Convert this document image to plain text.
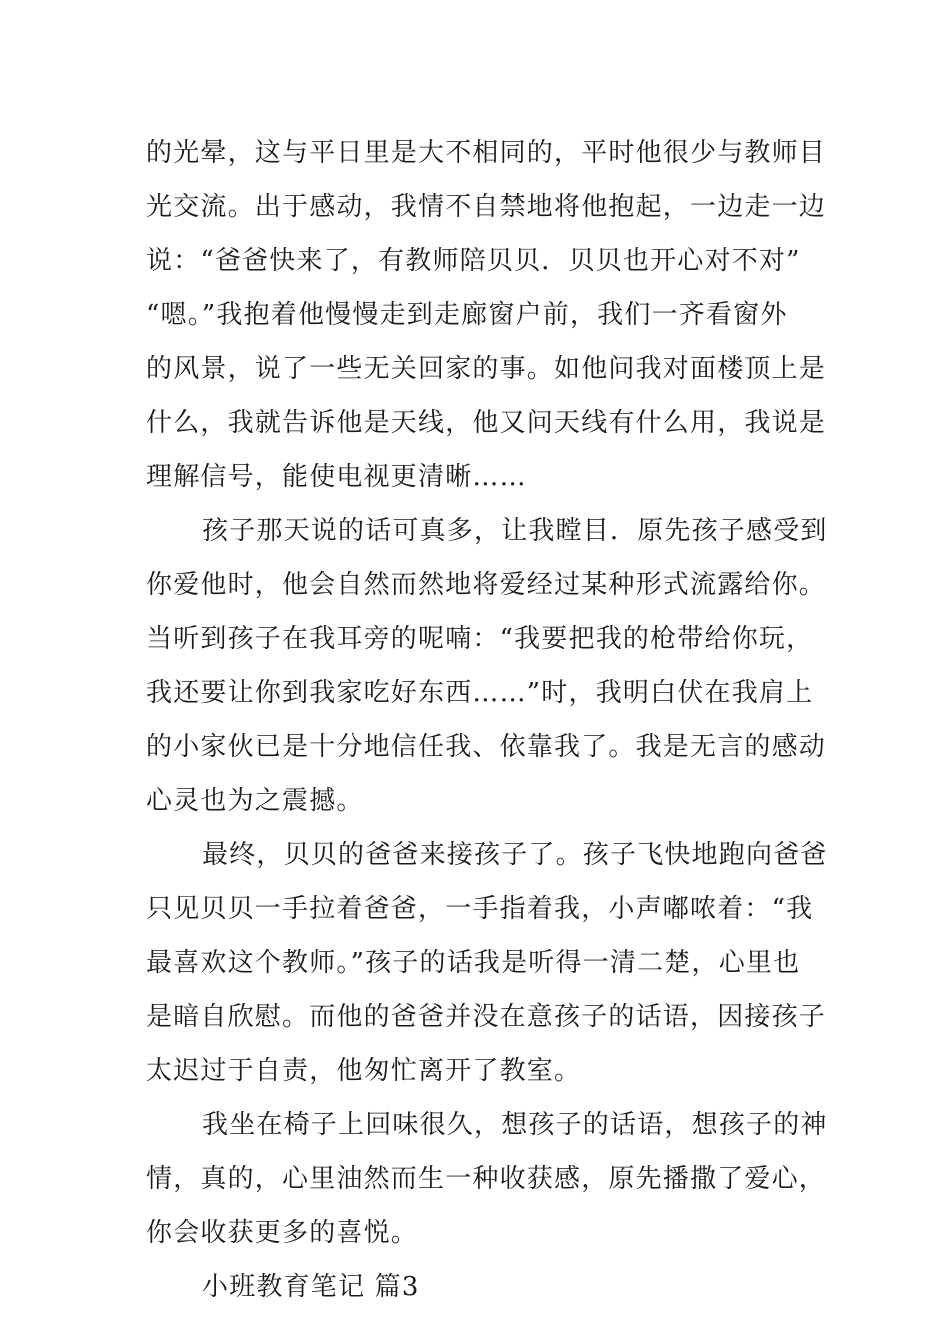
的光晕，这与平日里是大不相同的，平时他很少与教师目
光交流。出于感动，我情不自禁地将他抱起，一边走一边
说：“爸爸快来了，有教师陪贝贝．贝贝也开心对不对”
“嗯。”我抱着他慢慢走到走廊窗户前，我们一齐看窗外
的风景，说了一些无关回家的事。如他问我对面楼顶上是
什么，我就告诉他是天线，他又问天线有什么用，我说是
理解信号，能使电视更清晰……
孩子那天说的话可真多，让我瞠目．原先孩子感受到
你爱他时，他会自然而然地将爱经过某种形式流露给你。
当听到孩子在我耳旁的呢喃：“我要把我的枪带给你玩，
我还要让你到我家吃好东西……”时，我明白伏在我肩上
的小家伙已是十分地信任我、依靠我了。我是无言的感动
心灵也为之震撼。
最终，贝贝的爸爸来接孩子了。孩子飞快地跑向爸爸
只见贝贝一手拉着爸爸，一手指着我，小声嘟哝着：“我
最喜欢这个教师。”孩子的话我是听得一清二楚，心里也
是暗自欣慰。而他的爸爸并没在意孩子的话语，因接孩子
太迟过于自责，他匆忙离开了教室。
我坐在椅子上回味很久，想孩子的话语，想孩子的神
情，真的，心里油然而生一种收获感，原先播撒了爱心，
你会收获更多的喜悦。
小班教育笔记 篇3
